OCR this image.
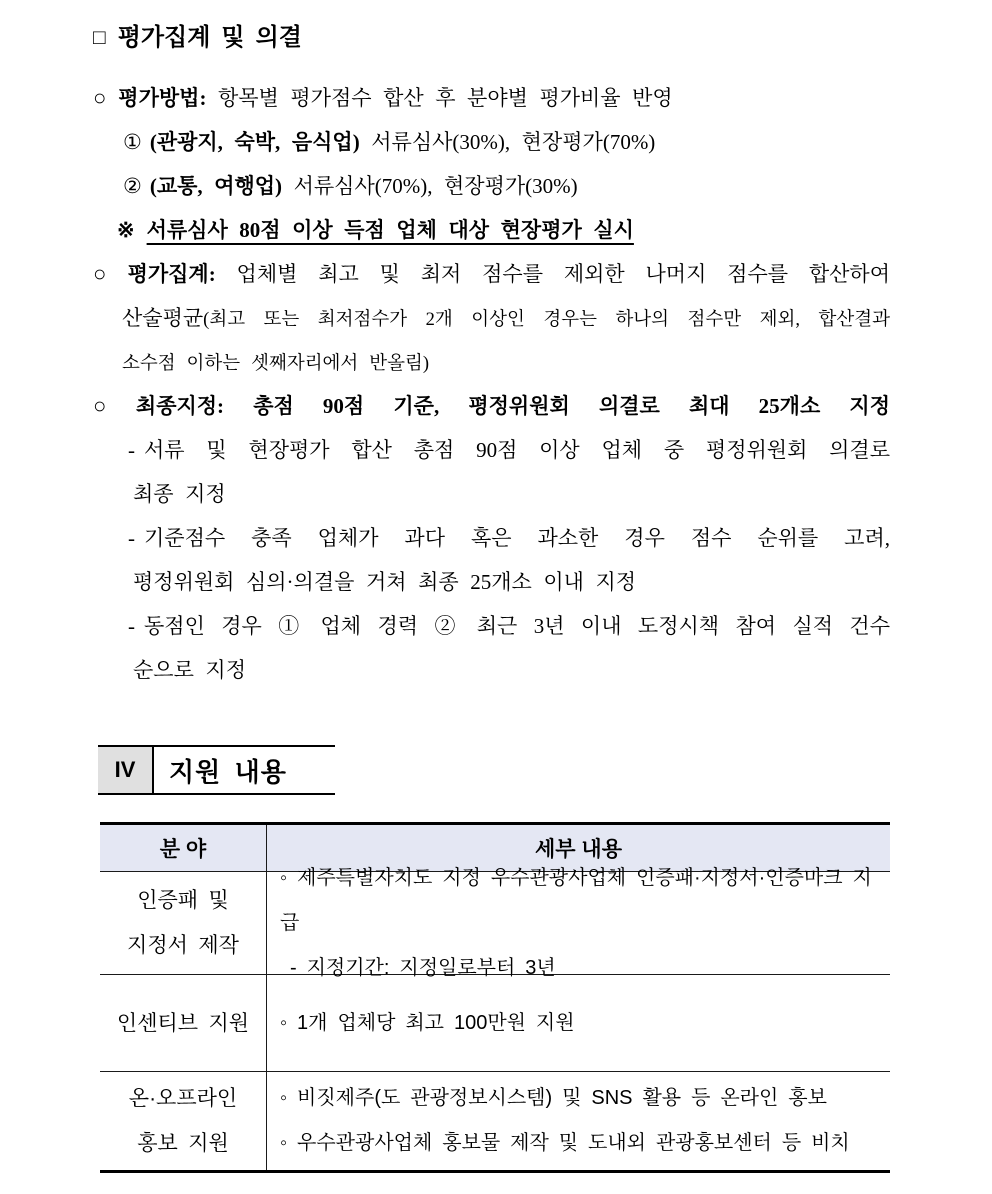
□ 평가집계 및 의결
○ 평가방법: 항목별 평가점수 합산 후 분야별 평가비율 반영
① (관광지, 숙박, 음식업) 서류심사(30%), 현장평가(70%)
② (교통, 여행업) 서류심사(70%), 현장평가(30%)
※ 서류심사 80점 이상 득점 업체 대상 현장평가 실시
○ 평가집계: 업체별 최고 및 최저 점수를 제외한 나머지 점수를 합산하여
산술평균(최고 또는 최저점수가 2개 이상인 경우는 하나의 점수만 제외, 합산결과
소수점 이하는 셋째자리에서 반올림)
○ 최종지정: 총점 90점 기준, 평정위원회 의결로 최대 25개소 지정
- 서류 및 현장평가 합산 총점 90점 이상 업체 중 평정위원회 의결로
최종 지정
- 기준점수 충족 업체가 과다 혹은 과소한 경우 점수 순위를 고려,
평정위원회 심의·의결을 거쳐 최종 25개소 이내 지정
- 동점인 경우 ① 업체 경력 ② 최근 3년 이내 도정시책 참여 실적 건수
순으로 지정
IV	지원 내용
분 야	세부 내용
인증패 및
지정서 제작
◦ 제주특별자치도 지정 우수관광사업체 인증패·지정서·인증마크 지급
- 지정기간: 지정일로부터 3년
인센티브 지원 ◦ 1개 업체당 최고 100만원 지원
온·오프라인
홍보 지원
◦ 비짓제주(도 관광정보시스템) 및 SNS 활용 등 온라인 홍보
◦ 우수관광사업체 홍보물 제작 및 도내외 관광홍보센터 등 비치
